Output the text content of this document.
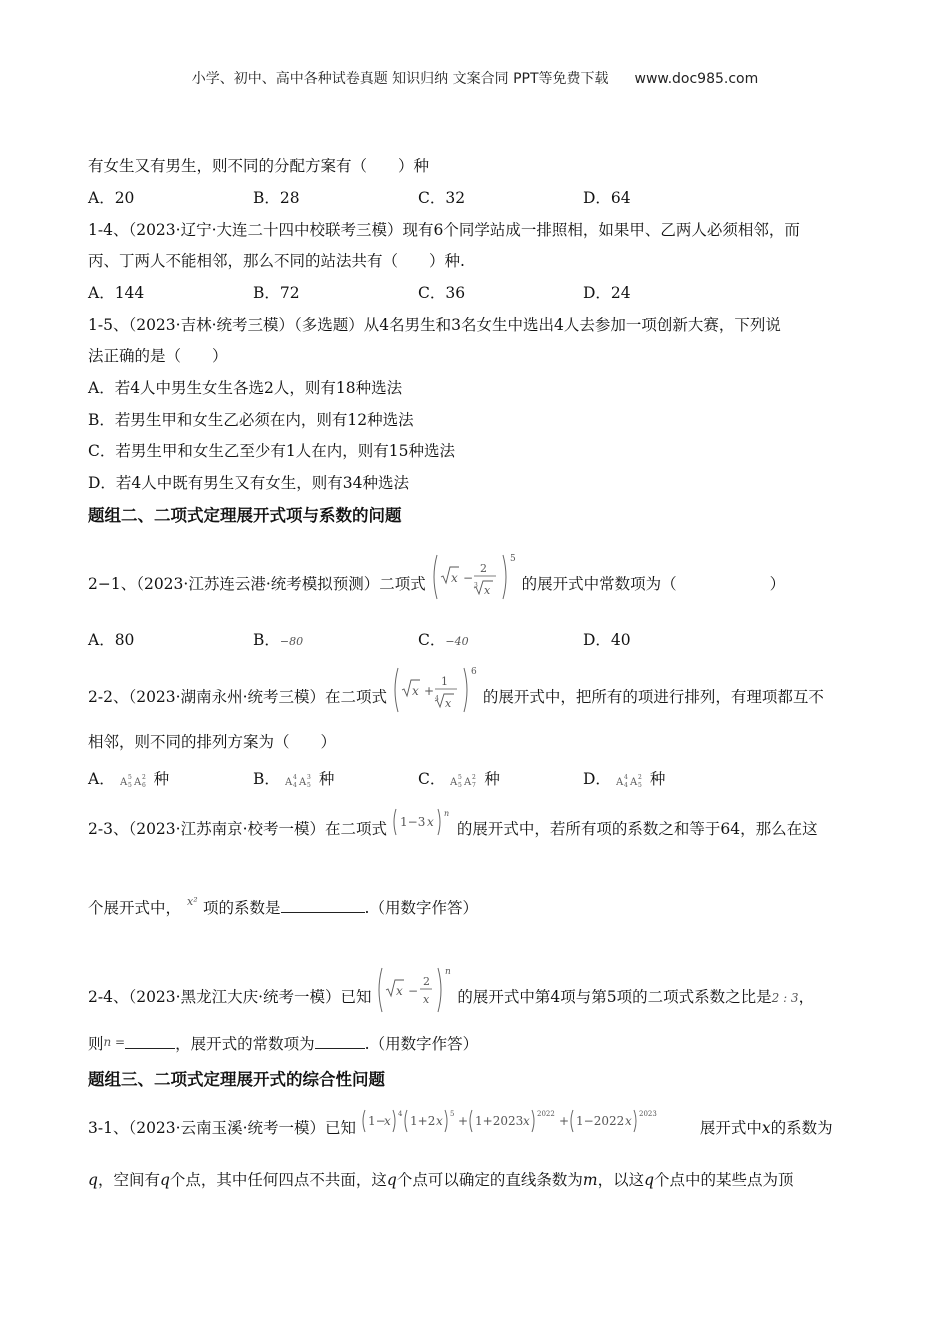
小学、初中、高中各种试卷真题 知识归纳 文案合同 PPT等免费下载 www.doc985.com
有女生又有男生，则不同的分配方案有（　　）种
A．20	B．28	C．32	D．64
1-4、（2023·辽宁·大连二十四中校联考三模）现有6个同学站成一排照相，如果甲、乙两人必须相邻，而
丙、丁两人不能相邻，那么不同的站法共有（　　）种.
A．144	B．72	C．36	D．24
1-5、（2023·吉林·统考三模）（多选题）从4名男生和3名女生中选出4人去参加一项创新大赛，下列说
法正确的是（　　）
A．若4人中男生女生各选2人，则有18种选法
B．若男生甲和女生乙必须在内，则有12种选法
C．若男生甲和女生乙至少有1人在内，则有15种选法
D．若4人中既有男生又有女生，则有34种选法
题组二、二项式定理展开式项与系数的问题
2−1、（2023·江苏连云港·统考模拟预测）二项式 x −
2
3 x
5
的展开式中常数项为（　　　　　　）
A．80	B．−80	C．−40	D．40
2-2、（2023·湖南永州·统考三模）在二项式 x +
1
4 x
6
的展开式中，把所有的项进行排列，有理项都互不
相邻，则不同的排列方案为（　　）
A． A 5
5 A 2
6 种	B． A 4
4 A 3
5 种	C． A 5
5 A 2
7 种	D． A 4
4 A 2
5 种
2-3、（2023·江苏南京·校考一模）在二项式 1−3 x
n
的展开式中，若所有项的系数之和等于64，那么在这
个展开式中， x² 项的系数是	.（用数字作答）
2-4、（2023·黑龙江大庆·统考一模）已知 x −
2
x
n
的展开式中第4项与第5项的二项式系数之比是2 : 3，
则n =	，展开式的常数项为	.（用数字作答）
题组三、二项式定理展开式的综合性问题
3-1、（2023·云南玉溪·统考一模）已知 1−
x 4 1+2 x 5 + 1+2023 x 2022 + 1−2022 x 2023
展开式中x的系数为
q，空间有q个点，其中任何四点不共面，这q个点可以确定的直线条数为m，以这q个点中的某些点为顶
